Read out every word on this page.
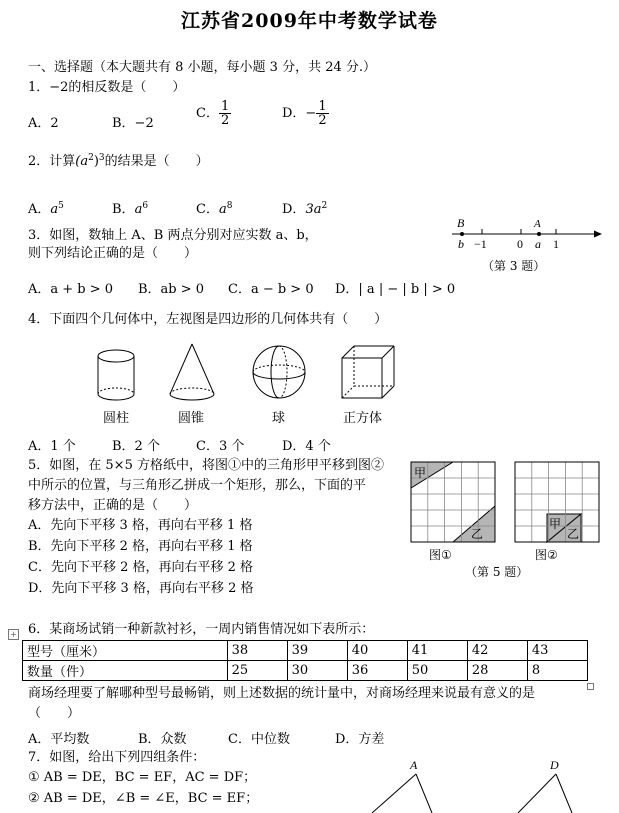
江苏省2009年中考数学试卷
一、选择题（本大题共有 8 小题，每小题 3 分，共 24 分.）
1．−2的相反数是（　　）
A．2	B．−2
C． $\frac{1}{2}$	D．− $\frac{1}{2}$
2．计算$(a^2)^3$的结果是（　　）
A．$a^5$	B．$a^6$	C．$a^8$	D．$3a^2$
3．如图，数轴上 A、B 两点分别对应实数 a、b，
则下列结论正确的是（　　）
A．a + b > 0 B．ab > 0 C．a − b > 0 D．| a | − | b | > 0
B	A
b −1	0 a 1
（第 3 题）
4．下面四个几何体中，左视图是四边形的几何体共有（　　）
圆柱	圆锥	球	正方体
A．1 个	B．2 个	C．3 个	D．4 个
5．如图，在 5×5 方格纸中，将图①中的三角形甲平移到图②
中所示的位置，与三角形乙拼成一个矩形，那么，下面的平
移方法中，正确的是（　　）
A．先向下平移 3 格，再向右平移 1 格
B．先向下平移 2 格，再向右平移 1 格
C．先向下平移 2 格，再向右平移 2 格
D．先向下平移 3 格，再向右平移 2 格
甲
乙
甲
乙
图①	图②
（第 5 题）
+ 6．某商场试销一种新款衬衫，一周内销售情况如下表所示：
型号（厘米）	38	39	40	41	42	43
数量（件）	25	30	36	50	28	8
商场经理要了解哪种型号最畅销，则上述数据的统计量中，对商场经理来说最有意义的是
（　　）
A．平均数	B．众数	C．中位数	D．方差
7．如图，给出下列四组条件：
① AB = DE，BC = EF，AC = DF；
② AB = DE，∠B = ∠E，BC = EF；
A	D
